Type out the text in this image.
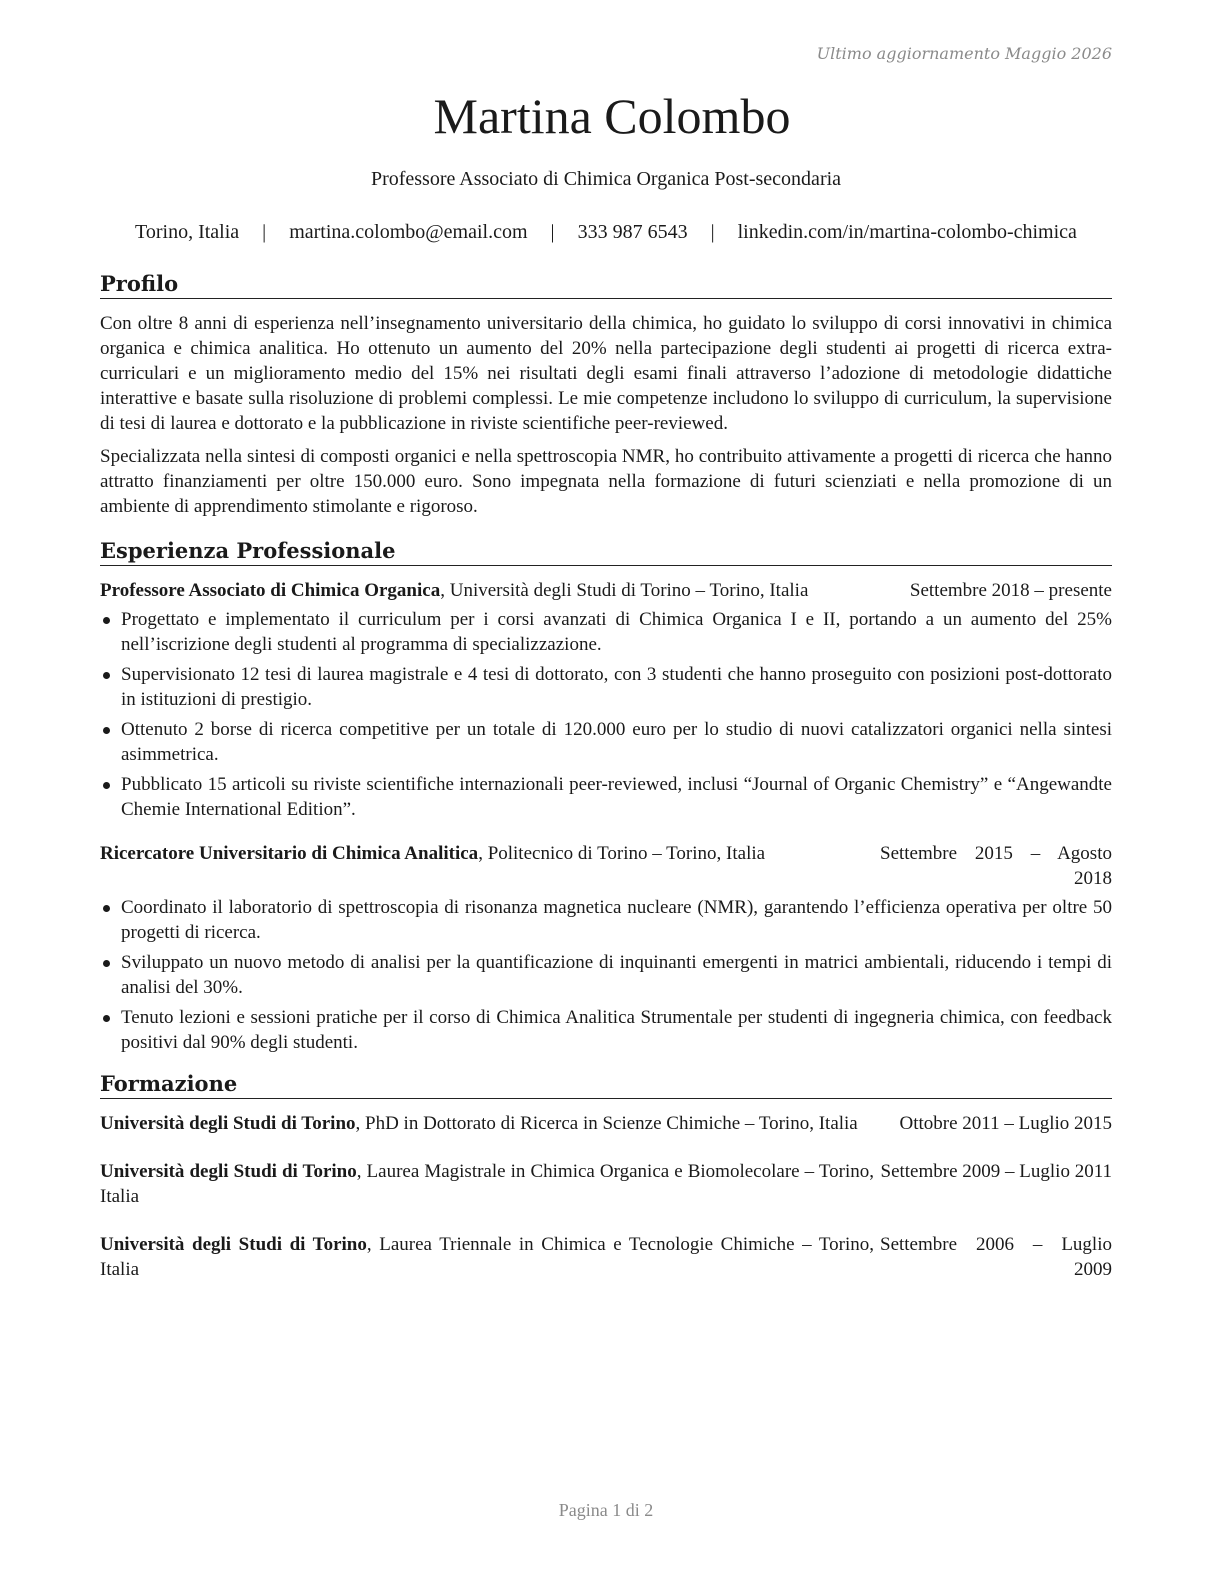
Ultimo aggiornamento Maggio 2026
Martina Colombo
Professore Associato di Chimica Organica Post-secondaria
Torino, Italia | martina.colombo@email.com | 333 987 6543 | linkedin.com/in/martina-colombo-chimica
Profilo

Con oltre 8 anni di esperienza nell’insegnamento universitario della chimica, ho guidato lo sviluppo di corsi innovativi in chimica organica e chimica analitica. Ho ottenuto un aumento del 20% nella partecipazione degli studenti ai progetti di ricerca extra-curriculari e un miglioramento medio del 15% nei risultati degli esami finali attraverso l’adozione di metodologie didattiche interattive e basate sulla risoluzione di problemi complessi. Le mie competenze includono lo sviluppo di curriculum, la supervisione di tesi di laurea e dottorato e la pubblicazione in riviste scientifiche peer-reviewed.

Specializzata nella sintesi di composti organici e nella spettroscopia NMR, ho contribuito attivamente a progetti di ricerca che hanno attratto finanziamenti per oltre 150.000 euro. Sono impegnata nella formazione di futuri scienziati e nella promozione di un ambiente di apprendimento stimolante e rigoroso.

Esperienza Professionale
Professore Associato di Chimica Organica, Università degli Studi di Torino – Torino, Italia	Settembre 2018 – presente
Progettato e implementato il curriculum per i corsi avanzati di Chimica Organica I e II, portando a un aumento del 25% nell’iscrizione degli studenti al programma di specializzazione.
Supervisionato 12 tesi di laurea magistrale e 4 tesi di dottorato, con 3 studenti che hanno proseguito con posizioni post-dottorato in istituzioni di prestigio.
Ottenuto 2 borse di ricerca competitive per un totale di 120.000 euro per lo studio di nuovi catalizzatori organici nella sintesi asimmetrica.
Pubblicato 15 articoli su riviste scientifiche internazionali peer-reviewed, inclusi “Journal of Organic Chemistry” e “Angewandte Chemie International Edition”.
Ricercatore Universitario di Chimica Analitica, Politecnico di Torino – Torino, Italia	Settembre 2015 – Agosto 2018
Coordinato il laboratorio di spettroscopia di risonanza magnetica nucleare (NMR), garantendo l’efficienza operativa per oltre 50 progetti di ricerca.
Sviluppato un nuovo metodo di analisi per la quantificazione di inquinanti emergenti in matrici ambientali, riducendo i tempi di analisi del 30%.
Tenuto lezioni e sessioni pratiche per il corso di Chimica Analitica Strumentale per studenti di ingegneria chimica, con feedback positivi dal 90% degli studenti.
Formazione
Università degli Studi di Torino, PhD in Dottorato di Ricerca in Scienze Chimiche – Torino, Italia	Ottobre 2011 – Luglio 2015
Università degli Studi di Torino, Laurea Magistrale in Chimica Organica e Biomolecolare – Torino, Italia
Settembre 2009 – Luglio 2011
Università degli Studi di Torino, Laurea Triennale in Chimica e Tecnologie Chimiche – Torino, Italia
Settembre 2006 – Luglio 2009
Pagina 1 di 2
